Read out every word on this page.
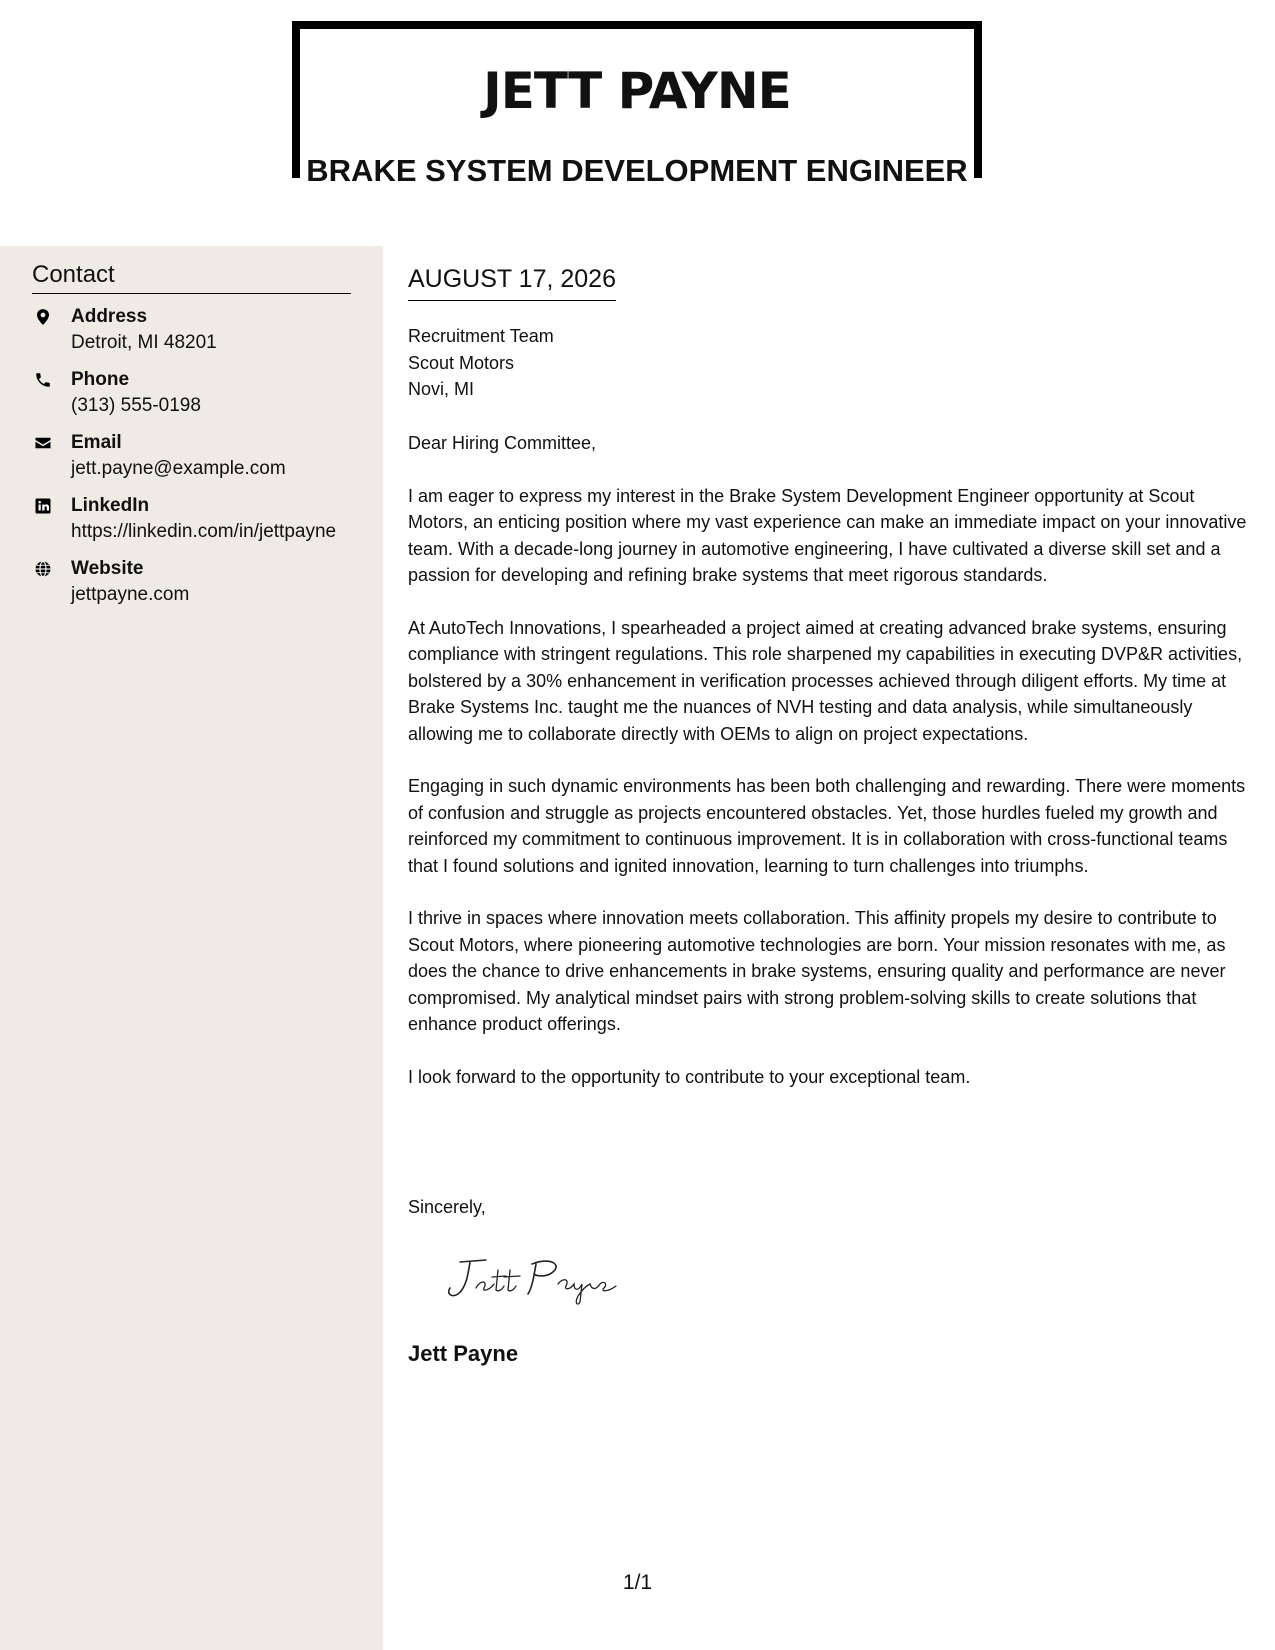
JETT PAYNE
BRAKE SYSTEM DEVELOPMENT ENGINEER
Contact
Address
Detroit, MI 48201
Phone
(313) 555-0198
Email
jett.payne@example.com
LinkedIn
https://linkedin.com/in/jettpayne
Website
jettpayne.com
AUGUST 17, 2026
Recruitment Team
Scout Motors
Novi, MI

Dear Hiring Committee,

I am eager to express my interest in the Brake System Development Engineer opportunity at Scout Motors, an enticing position where my vast experience can make an immediate impact on your innovative team. With a decade-long journey in automotive engineering, I have cultivated a diverse skill set and a passion for developing and refining brake systems that meet rigorous standards.

At AutoTech Innovations, I spearheaded a project aimed at creating advanced brake systems, ensuring compliance with stringent regulations. This role sharpened my capabilities in executing DVP&R activities, bolstered by a 30% enhancement in verification processes achieved through diligent efforts. My time at Brake Systems Inc. taught me the nuances of NVH testing and data analysis, while simultaneously allowing me to collaborate directly with OEMs to align on project expectations.

Engaging in such dynamic environments has been both challenging and rewarding. There were moments of confusion and struggle as projects encountered obstacles. Yet, those hurdles fueled my growth and reinforced my commitment to continuous improvement. It is in collaboration with cross-functional teams that I found solutions and ignited innovation, learning to turn challenges into triumphs.

I thrive in spaces where innovation meets collaboration. This affinity propels my desire to contribute to Scout Motors, where pioneering automotive technologies are born. Your mission resonates with me, as does the chance to drive enhancements in brake systems, ensuring quality and performance are never compromised. My analytical mindset pairs with strong problem-solving skills to create solutions that enhance product offerings.

I look forward to the opportunity to contribute to your exceptional team.

Sincerely,
Jett Payne
1/1
